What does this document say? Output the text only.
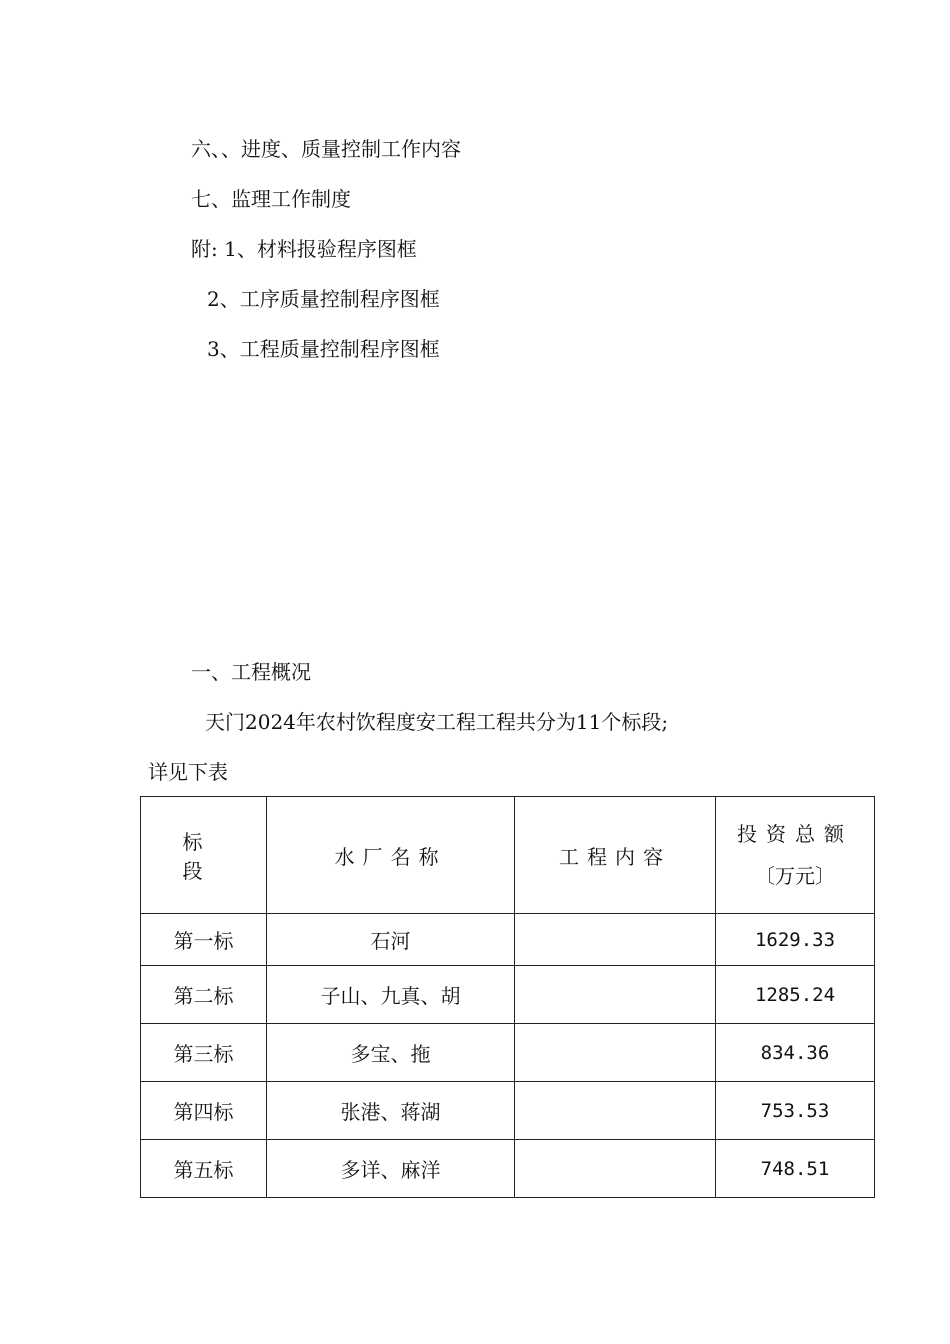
六、、进度、质量控制工作内容
七、监理工作制度
附: 1、材料报验程序图框
2、工序质量控制程序图框
3、工程质量控制程序图框
一、工程概况
天门2024年农村饮程度安工程工程共分为11个标段;
详见下表
标　段	水厂名称	工程内容	投资总额
〔万元〕

第一标	石河		1629.33
第二标	子山、九真、胡		1285.24
第三标	多宝、拖		834.36
第四标	张港、蒋湖		753.53
第五标	多详、麻洋		748.51
